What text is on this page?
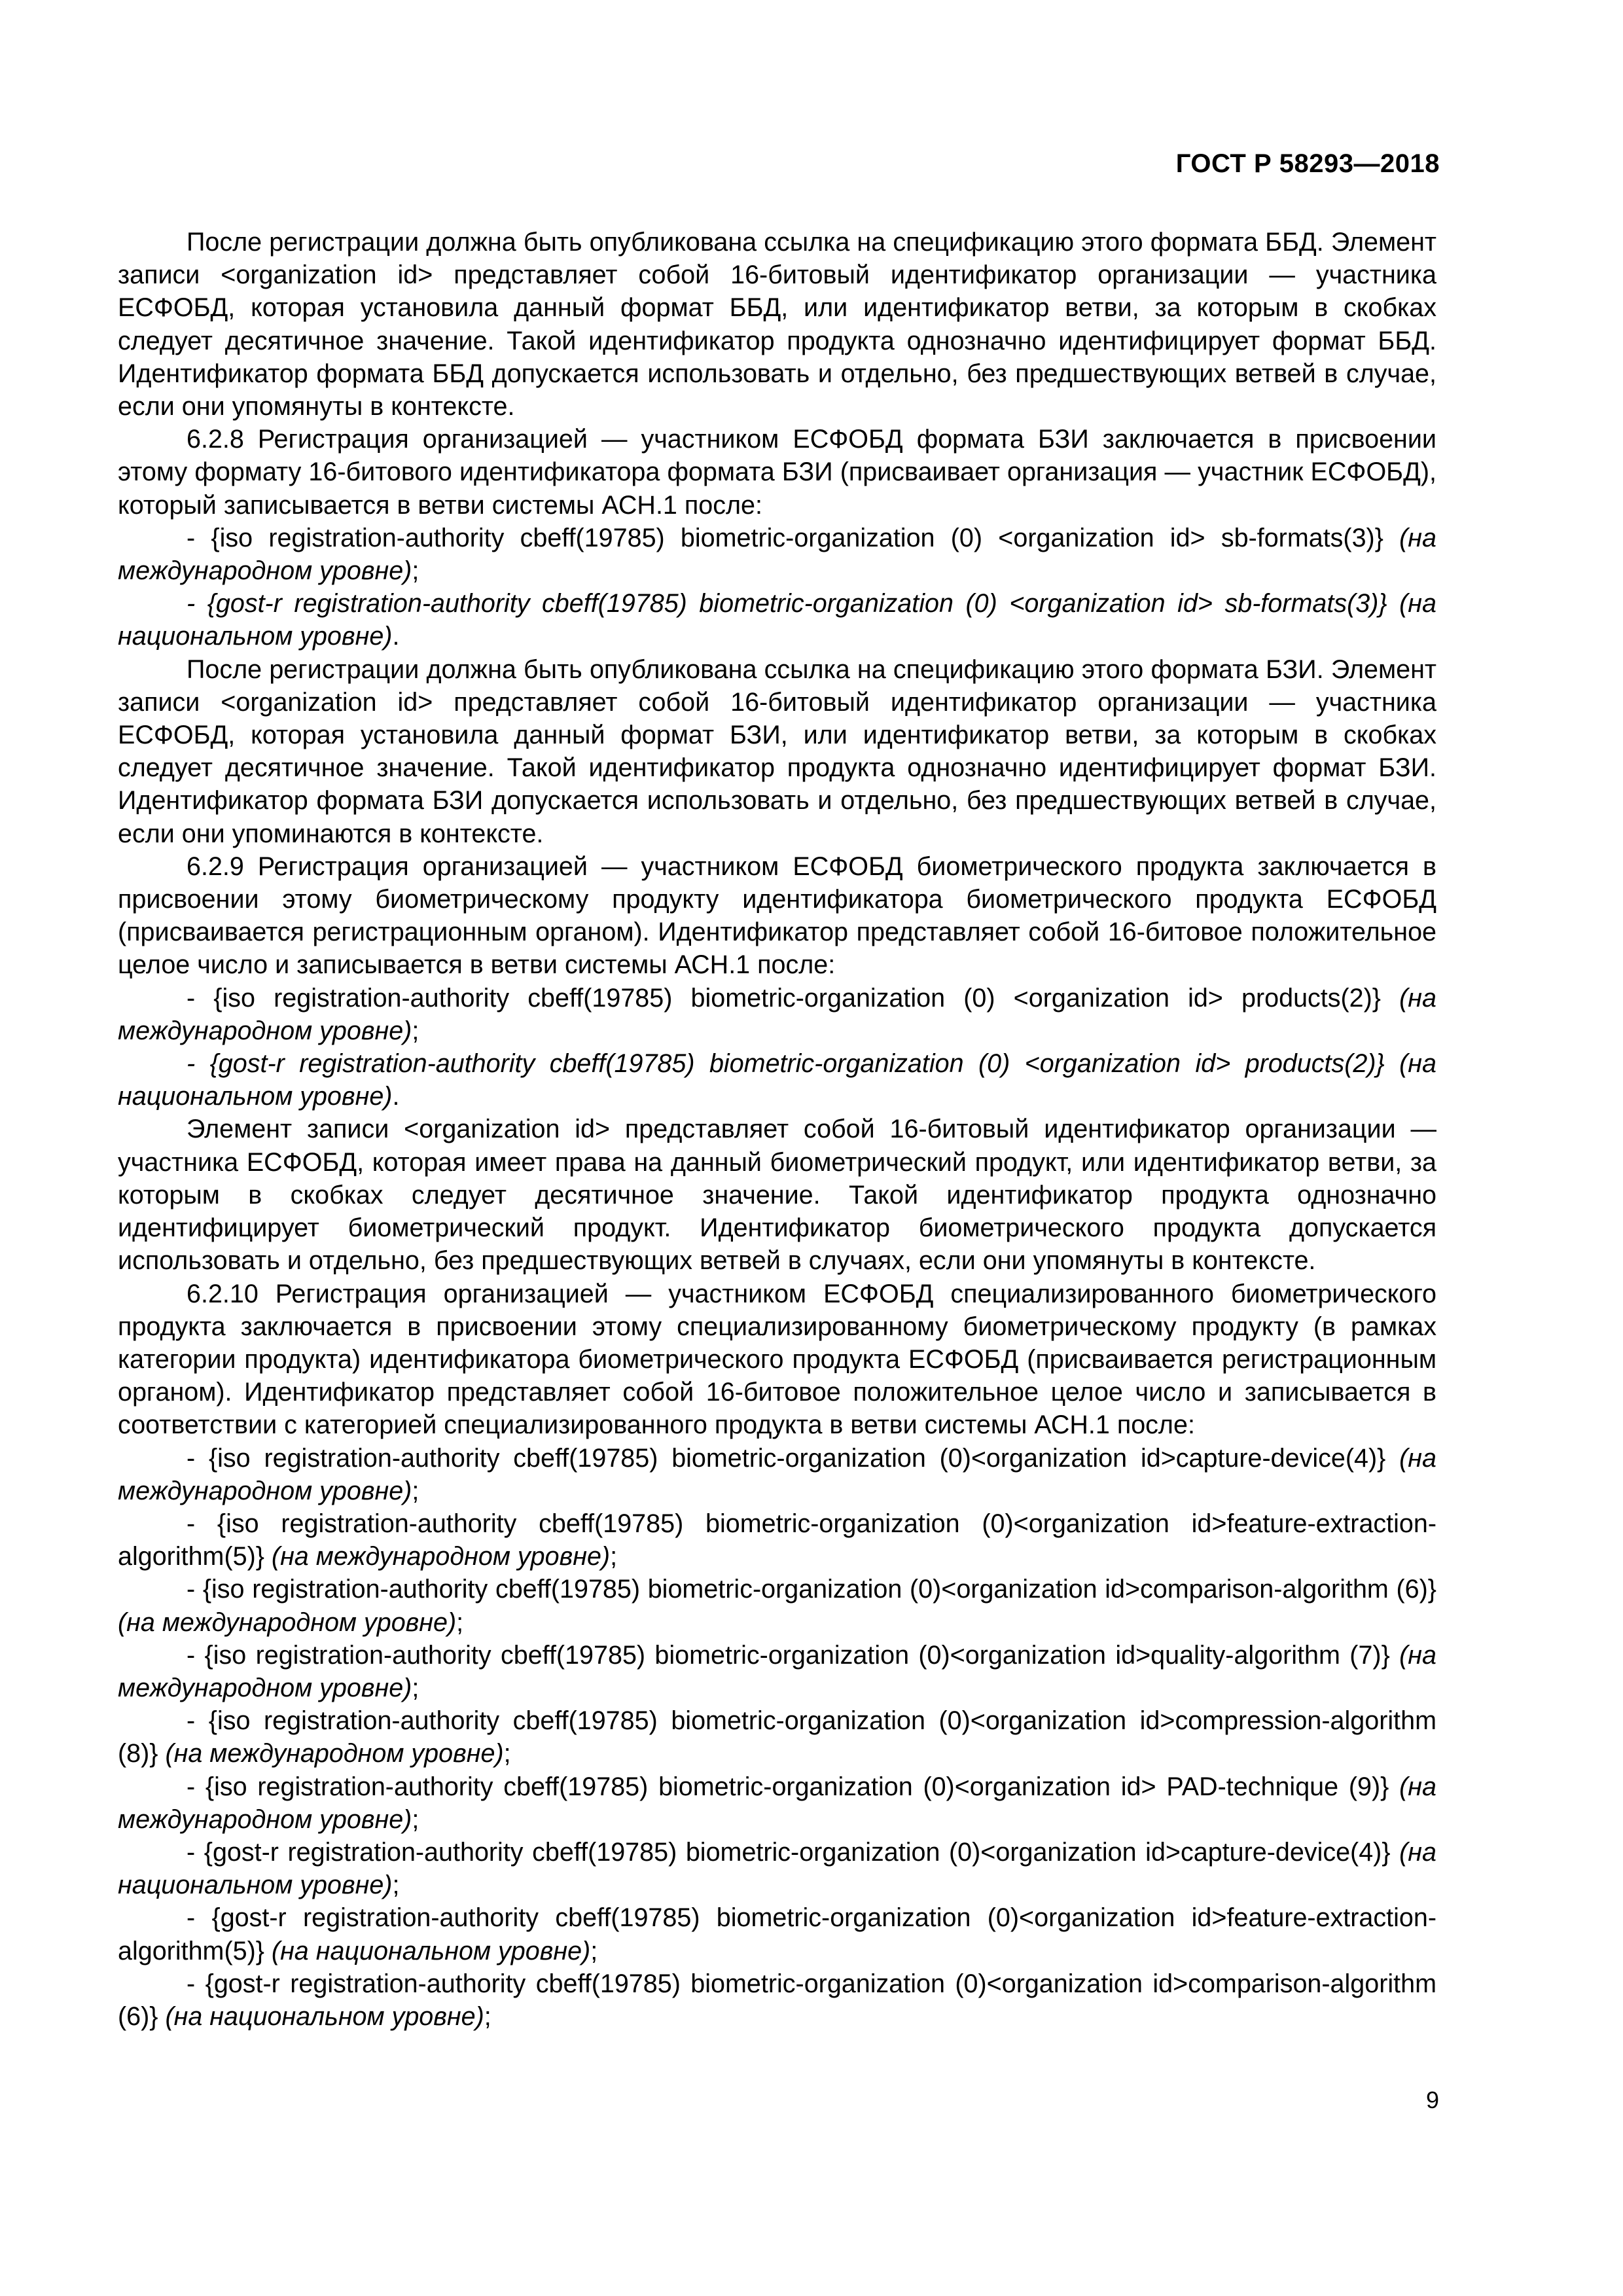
ГОСТ Р 58293—2018

После регистрации должна быть опубликована ссылка на спецификацию этого формата ББД. Элемент записи <organization id> представляет собой 16-битовый идентификатор организации — участника ЕСФОБД, которая установила данный формат ББД, или идентификатор ветви, за которым в скобках следует десятичное значение. Такой идентификатор продукта однозначно идентифицирует формат ББД. Идентификатор формата ББД допускается использовать и отдельно, без предшествующих ветвей в случае, если они упомянуты в контексте.

6.2.8 Регистрация организацией — участником ЕСФОБД формата БЗИ заключается в присвоении этому формату 16-битового идентификатора формата БЗИ (присваивает организация — участник ЕСФОБД), который записывается в ветви системы АСН.1 после:

- {iso registration-authority cbeff(19785) biometric-organization (0) <organization id> sb-formats(3)} (на международном уровне);

- {gost-r registration-authority cbeff(19785) biometric-organization (0) <organization id> sb-formats(3)} (на национальном уровне).

После регистрации должна быть опубликована ссылка на спецификацию этого формата БЗИ. Элемент записи <organization id> представляет собой 16-битовый идентификатор организации — участника ЕСФОБД, которая установила данный формат БЗИ, или идентификатор ветви, за которым в скобках следует десятичное значение. Такой идентификатор продукта однозначно идентифицирует формат БЗИ. Идентификатор формата БЗИ допускается использовать и отдельно, без предшествующих ветвей в случае, если они упоминаются в контексте.

6.2.9 Регистрация организацией — участником ЕСФОБД биометрического продукта заключается в присвоении этому биометрическому продукту идентификатора биометрического продукта ЕСФОБД (присваивается регистрационным органом). Идентификатор представляет собой 16-битовое положительное целое число и записывается в ветви системы АСН.1 после:

- {iso registration-authority cbeff(19785) biometric-organization (0) <organization id> products(2)} (на международном уровне);

- {gost-r registration-authority cbeff(19785) biometric-organization (0) <organization id> products(2)} (на национальном уровне).

Элемент записи <organization id> представляет собой 16-битовый идентификатор организации — участника ЕСФОБД, которая имеет права на данный биометрический продукт, или идентификатор ветви, за которым в скобках следует десятичное значение. Такой идентификатор продукта однозначно идентифицирует биометрический продукт. Идентификатор биометрического продукта допускается использовать и отдельно, без предшествующих ветвей в случаях, если они упомянуты в контексте.

6.2.10 Регистрация организацией — участником ЕСФОБД специализированного биометрического продукта заключается в присвоении этому специализированному биометрическому продукту (в рамках категории продукта) идентификатора биометрического продукта ЕСФОБД (присваивается регистрационным органом). Идентификатор представляет собой 16-битовое положительное целое число и записывается в соответствии с категорией специализированного продукта в ветви системы АСН.1 после:

- {iso registration-authority cbeff(19785) biometric-organization (0)<organization id>capture-device(4)} (на международном уровне);

- {iso registration-authority cbeff(19785) biometric-organization (0)<organization id>feature-extraction-algorithm(5)} (на международном уровне);

- {iso registration-authority cbeff(19785) biometric-organization (0)<organization id>comparison-algorithm (6)} (на международном уровне);

- {iso registration-authority cbeff(19785) biometric-organization (0)<organization id>quality-algorithm (7)} (на международном уровне);

- {iso registration-authority cbeff(19785) biometric-organization (0)<organization id>compression-algorithm (8)} (на международном уровне);

- {iso registration-authority cbeff(19785) biometric-organization (0)<organization id> PAD-technique (9)} (на международном уровне);

- {gost-r registration-authority cbeff(19785) biometric-organization (0)<organization id>capture-device(4)} (на национальном уровне);

- {gost-r registration-authority cbeff(19785) biometric-organization (0)<organization id>feature-extraction-algorithm(5)} (на национальном уровне);

- {gost-r registration-authority cbeff(19785) biometric-organization (0)<organization id>comparison-algorithm (6)} (на национальном уровне);

9
